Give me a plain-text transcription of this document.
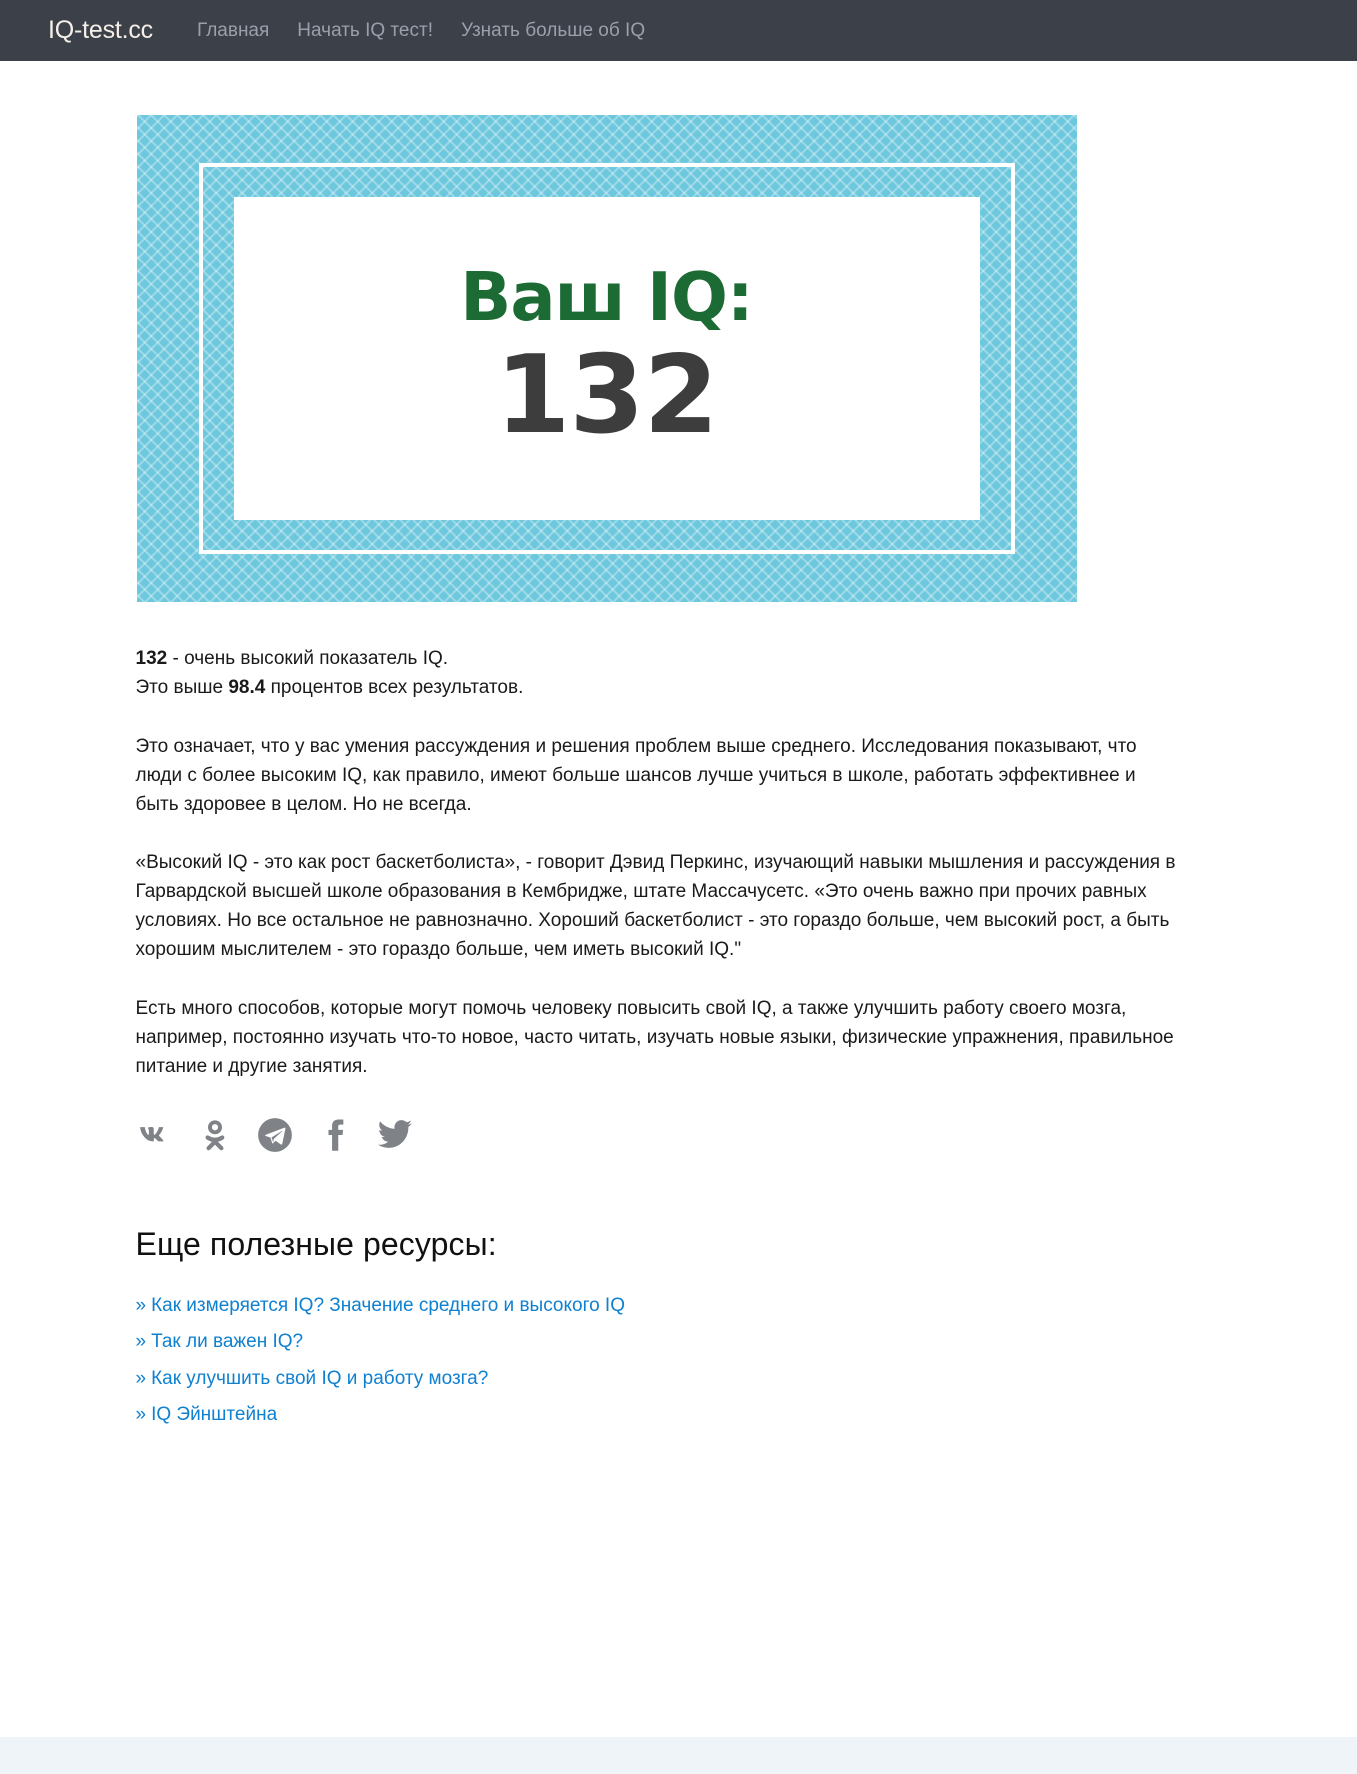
IQ-test.cc	Главная	Начать IQ тест!	Узнать больше об IQ
Ваш IQ:
132
132 - очень высокий показатель IQ.
Это выше 98.4 процентов всех результатов.

Это означает, что у вас умения рассуждения и решения проблем выше среднего. Исследования показывают, что люди с более высоким IQ, как правило, имеют больше шансов лучше учиться в школе, работать эффективнее и быть здоровее в целом. Но не всегда.

«Высокий IQ - это как рост баскетболиста», - говорит Дэвид Перкинс, изучающий навыки мышления и рассуждения в Гарвардской высшей школе образования в Кембридже, штате Массачусетс. «Это очень важно при прочих равных условиях. Но все остальное не равнозначно. Хороший баскетболист - это гораздо больше, чем высокий рост, а быть хорошим мыслителем - это гораздо больше, чем иметь высокий IQ."

Есть много способов, которые могут помочь человеку повысить свой IQ, а также улучшить работу своего мозга, например, постоянно изучать что-то новое, часто читать, изучать новые языки, физические упражнения, правильное питание и другие занятия.

Еще полезные ресурсы:
» Как измеряется IQ? Значение среднего и высокого IQ
» Так ли важен IQ?
» Как улучшить свой IQ и работу мозга?
» IQ Эйнштейна
